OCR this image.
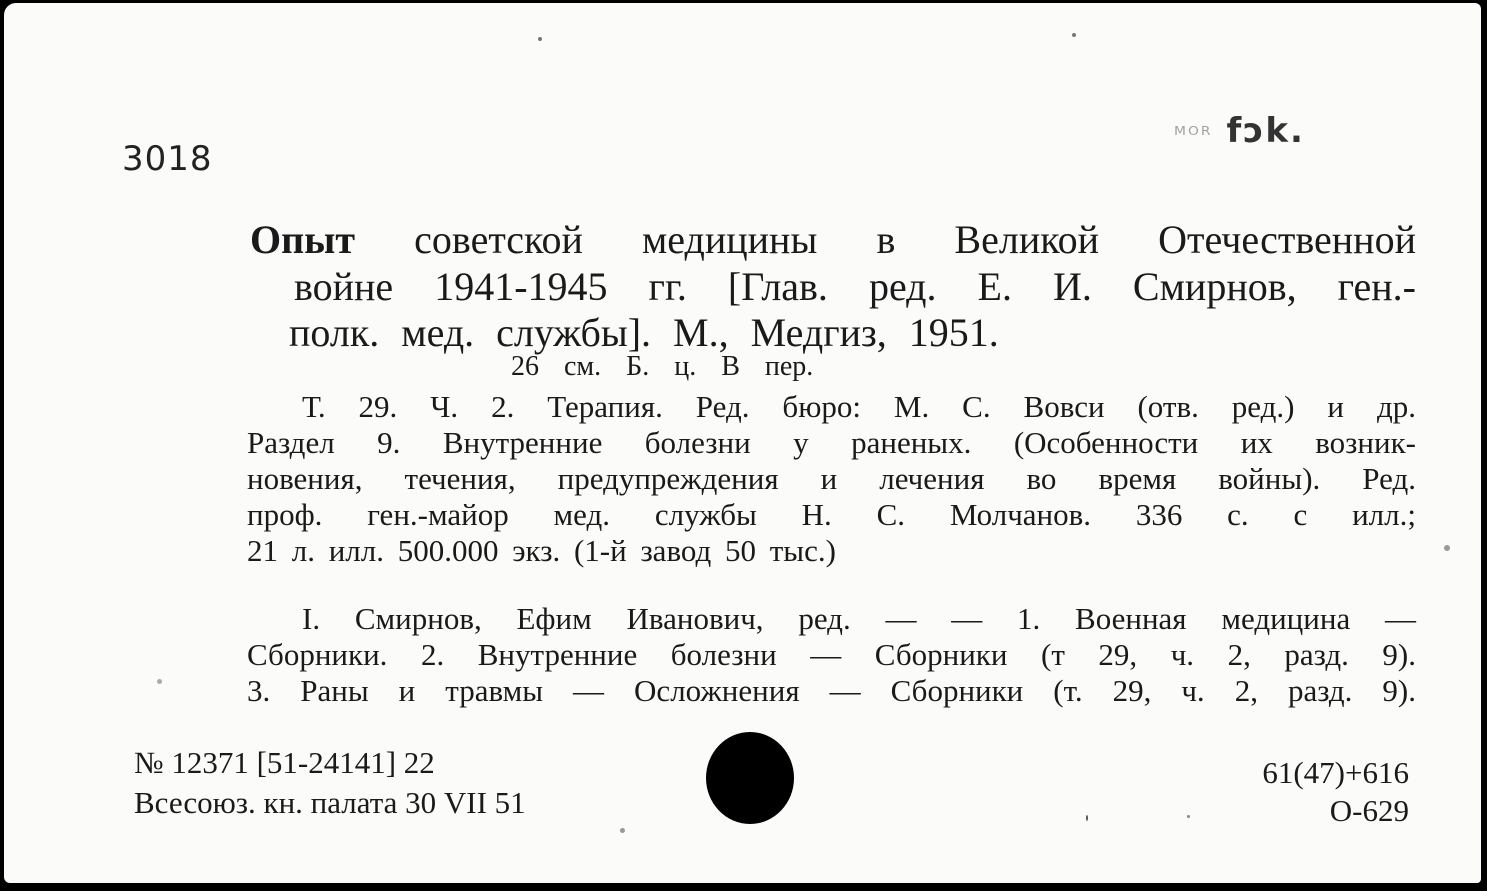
3018
ᴹᴼᴿ fɔk.
Опыт советской медицины в Великой Отечественной
войне 1941-1945 гг. [Глав. ред. Е. И. Смирнов, ген.-
полк. мед. службы]. М., Медгиз, 1951.
26 см. Б. ц. В пер.
Т. 29. Ч. 2. Терапия. Ред. бюро: М. С. Вовси (отв. ред.) и др.
Раздел 9. Внутренние болезни у раненых. (Особенности их возник-
новения, течения, предупреждения и лечения во время войны). Ред.
проф. ген.-майор мед. службы Н. С. Молчанов. 336 с. с илл.;
21 л. илл. 500.000 экз. (1-й завод 50 тыс.)
I. Смирнов, Ефим Иванович, ред. — — 1. Военная медицина —
Сборники. 2. Внутренние болезни — Сборники (т 29, ч. 2, разд. 9).
3. Раны и травмы — Осложнения — Сборники (т. 29, ч. 2, разд. 9).
№ 12371 [51-24141] 22
Всесоюз. кн. палата 30 VII 51
61(47)+616
О-629
